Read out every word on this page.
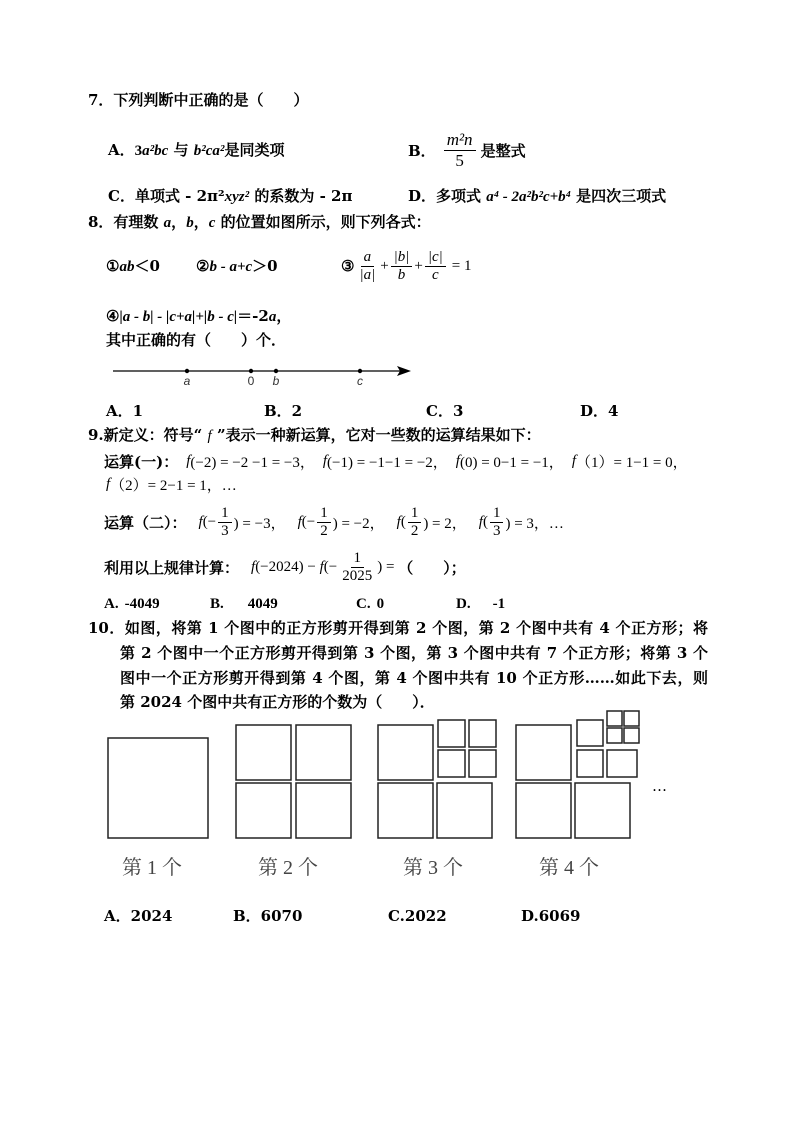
7．下列判断中正确的是（　　）
A．3a²bc 与 b²ca²是同类项	B． $\frac{\text{m²n}}{5}$ 是整式
C．单项式 - 2π²xyz² 的系数为 - 2π	D．多项式 a⁴ - 2a²b²c+b⁴ 是四次三项式
8．有理数 a，b，c 的位置如图所示，则下列各式：
①ab＜0 ②b - a+c＞0	③ $\frac{a}{|a|} + \frac{|b|}{b} + \frac{|c|}{c} = 1$
④|a - b| - |c+a|+|b - c|＝-2a，
其中正确的有（　　）个．
a	0 b	c
A．1	B．2	C．3	D．4
9.新定义：符号“ f ”表示一种新运算，它对一些数的运算结果如下：
运算(一)： f (−2) = −2 −1 = −3， f (−1) = −1−1 = −2， f (0) = 0−1 = −1， f （1）= 1−1 = 0，
f （2）= 2−1 = 1，…
运算（二）： f (− $\frac{1}{3}$ ) = −3， f (− $\frac{1}{2}$ ) = −2， f ( $\frac{1}{2}$ ) = 2， f ( $\frac{1}{3}$ ) = 3，…
利用以上规律计算： f (−2024) − f (− $\frac{1}{2025}$ ) = （　　）；
A. -4049	B. 4049	C. 0	D. -1
10．如图，将第 1 个图中的正方形剪开得到第 2 个图，第 2 个图中共有 4 个正方形；将
第 2 个图中一个正方形剪开得到第 3 个图，第 3 个图中共有 7 个正方形；将第 3 个
图中一个正方形剪开得到第 4 个图，第 4 个图中共有 10 个正方形……如此下去，则
第 2024 个图中共有正方形的个数为（　　）．
…
第 1 个	第 2 个	第 3 个	第 4 个
A．2024	B．6070	C.2022	D.6069
